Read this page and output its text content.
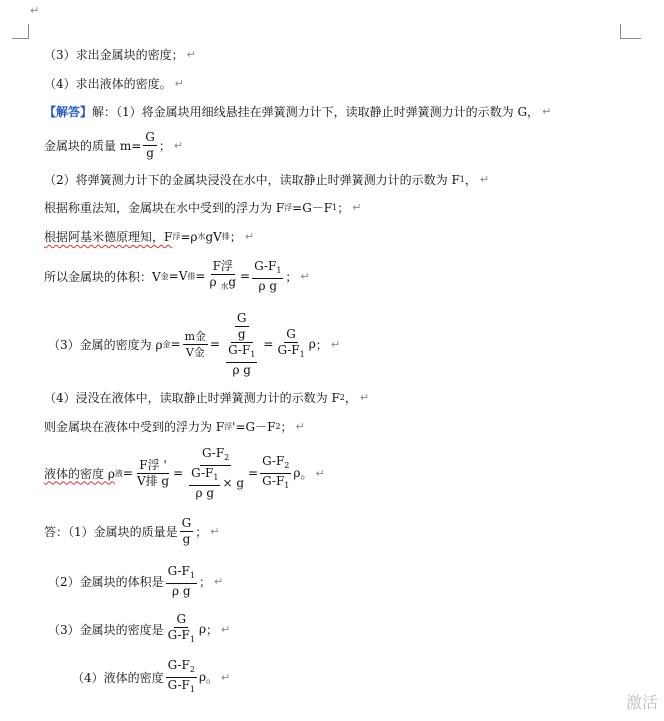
↵
（3）求出金属块的密度； ↵
（4）求出液体的密度。 ↵
【解答】 解：（1）将金属块用细线悬挂在弹簧测力计下，读取静止时弹簧测力计的示数为 G， ↵
金属块的质量 $m= \frac{G}{g}$ ； ↵
（2）将弹簧测力计下的金属块浸没在水中，读取静止时弹簧测力计的示数为 F 1 ， ↵
根据称重法知，金属块在水中受到的浮力为 F 浮 =G－F 1 ； ↵
根据阿基米德原理知，F 浮 =ρ 水 gV 排 ； ↵
所以金属块的体积：V 金 = V 排 = $\frac{\text{F浮}}{\rho _水g} = \frac{G-F_1}{\text{ρ g}}$ ； ↵
（3）金属的密度为 ρ 金 = $\frac{\text{m金}}{\text{V金}} = \frac{\frac{G}{g}}{\frac{G-F_1}{\text{ρ g}}} = \frac{G}{G-F_1}$ ρ ； ↵
（4）浸没在液体中，读取静止时弹簧测力计的示数为 F 2 ， ↵
则金属块在液体中受到的浮力为 F 浮 '=G－F 2 ； ↵
液体的密度 ρ 液 = $\frac{\text{F浮 '}}{\text{V排 g}} = \frac{G-F_2}{\frac{G-F_1}{\text{ρ g}} \times g} = \frac{G-F_2}{G-F_1}$ ρ 。 ↵
答：（1）金属块的质量是 $\frac{G}{g}$ ； ↵
（2）金属块的体积是 $\frac{G-F_1}{\text{ρ g}}$ ； ↵
（3）金属块的密度是 $\frac{G}{G-F_1}$ ρ ； ↵
（4）液体的密度 $\frac{G-F_2}{G-F_1}$ ρ 。 ↵
激活
